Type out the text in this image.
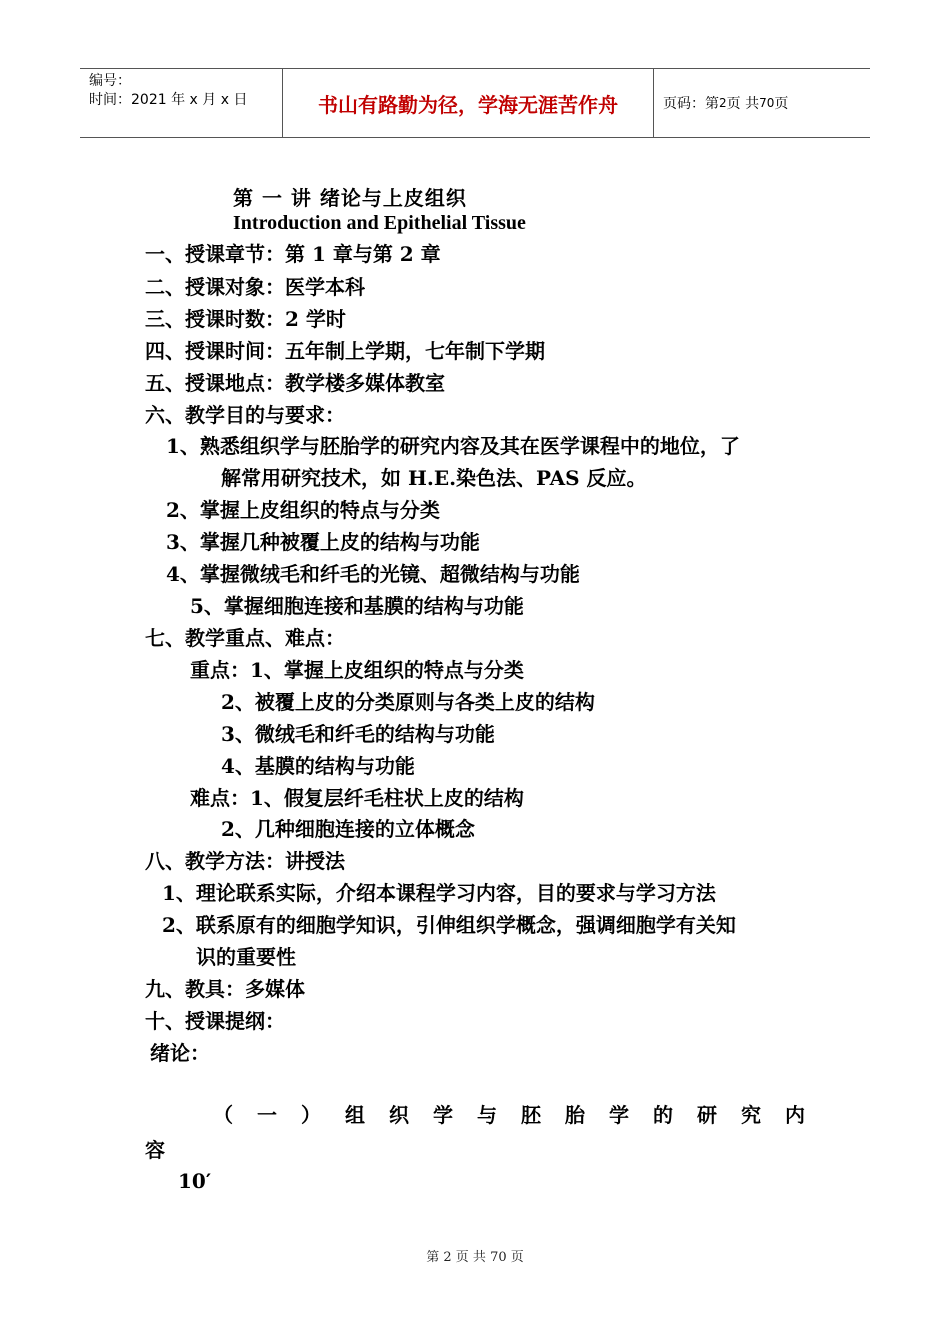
编号：
时间：2021 年 x 月 x 日	书山有路勤为径，学海无涯苦作舟	页码：第 2 页 共 70 页
第 一 讲 绪论与上皮组织
Introduction and Epithelial Tissue
一、授课章节：第 1 章与第 2 章
二、授课对象：医学本科
三、授课时数：2 学时
四、授课时间：五年制上学期，七年制下学期
五、授课地点：教学楼多媒体教室
六、教学目的与要求：
1、熟悉组织学与胚胎学的研究内容及其在医学课程中的地位，了
解常用研究技术，如 H.E.染色法、PAS 反应。
2、掌握上皮组织的特点与分类
3、掌握几种被覆上皮的结构与功能
4、掌握微绒毛和纤毛的光镜、超微结构与功能
5、掌握细胞连接和基膜的结构与功能
七、教学重点、难点：
重点：1、掌握上皮组织的特点与分类
2、被覆上皮的分类原则与各类上皮的结构
3、微绒毛和纤毛的结构与功能
4、基膜的结构与功能
难点：1、假复层纤毛柱状上皮的结构
2、几种细胞连接的立体概念
八、教学方法：讲授法
1、理论联系实际，介绍本课程学习内容，目的要求与学习方法
2、联系原有的细胞学知识，引伸组织学概念，强调细胞学有关知
识的重要性
九、教具：多媒体
十、授课提纲：
绪论：
（ 一 ） 组 织 学 与 胚 胎 学 的 研 究 内
容
10′
第 2 页 共 70 页
